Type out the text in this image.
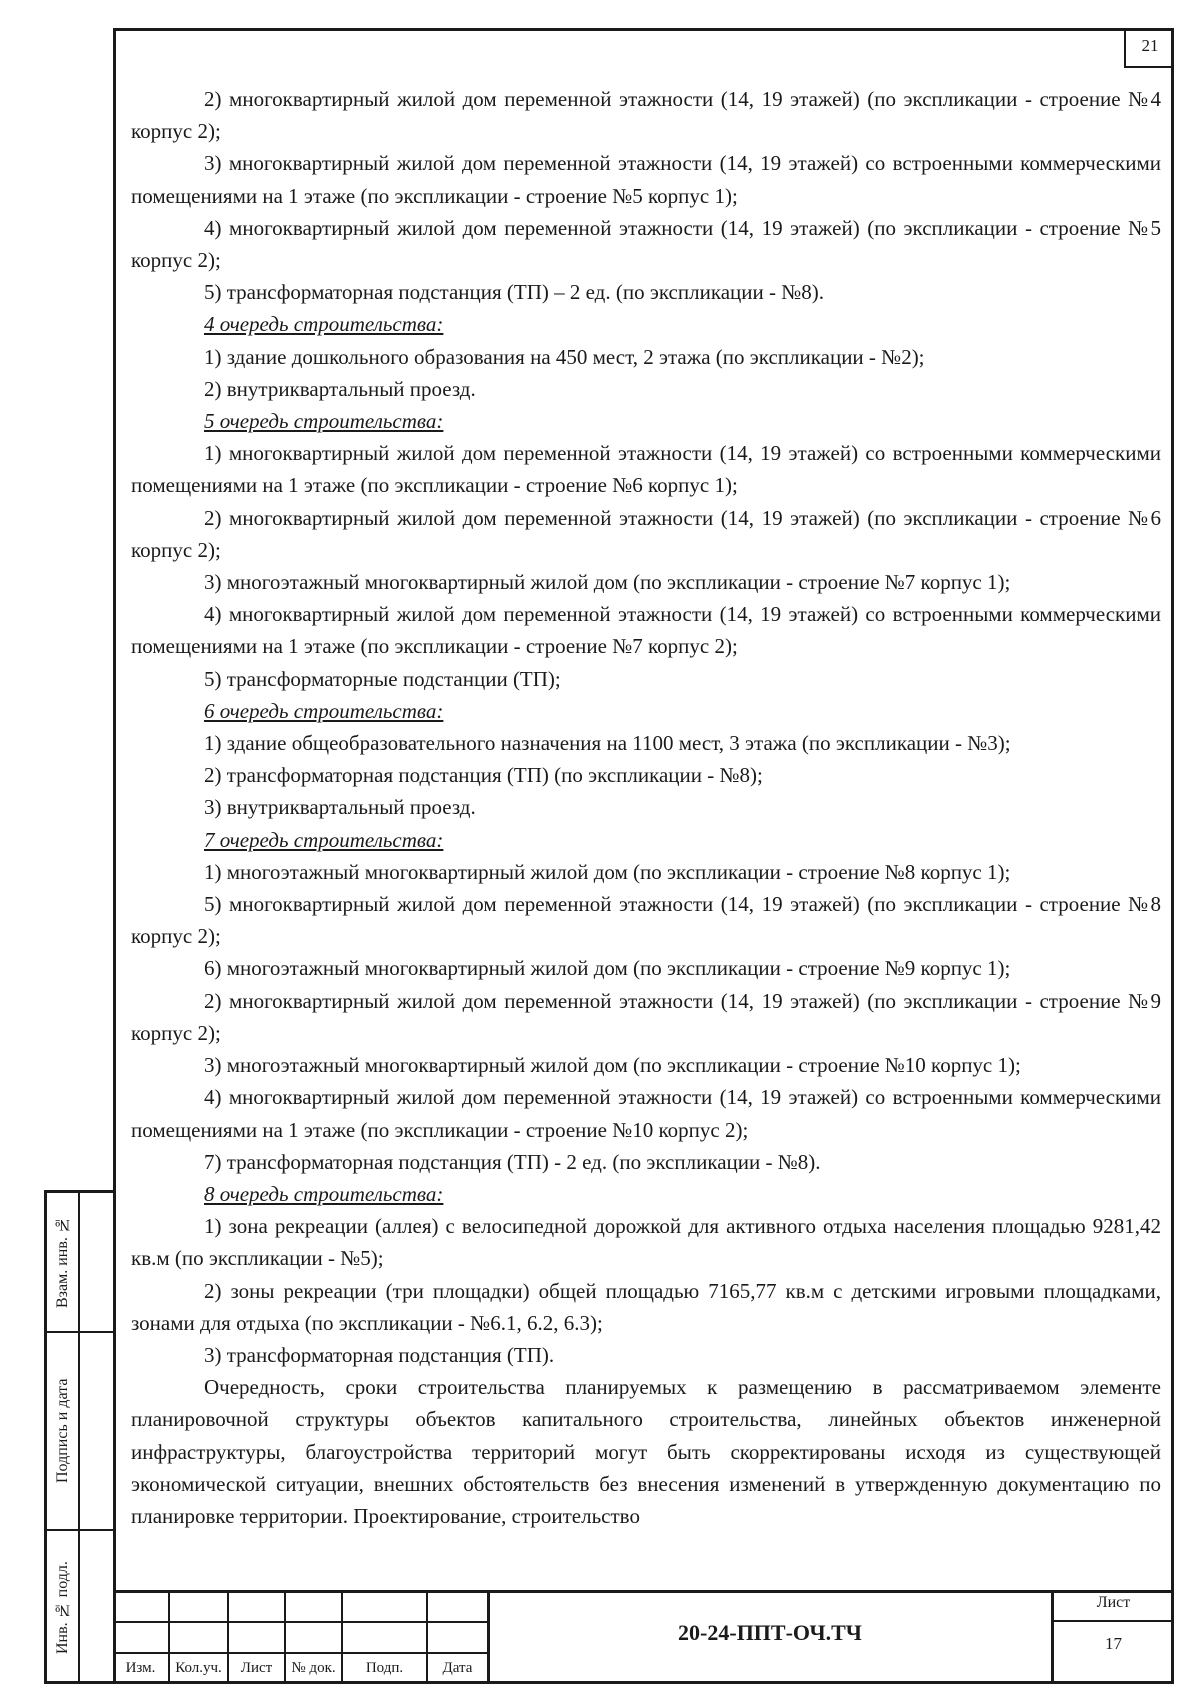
21

2) многоквартирный жилой дом переменной этажности (14, 19 этажей) (по экспликации - строение №4 корпус 2);

3) многоквартирный жилой дом переменной этажности (14, 19 этажей) со встроенными коммерческими помещениями на 1 этаже (по экспликации - строение №5 корпус 1);

4) многоквартирный жилой дом переменной этажности (14, 19 этажей) (по экспликации - строение №5 корпус 2);

5) трансформаторная подстанция (ТП) – 2 ед. (по экспликации - №8).

4 очередь строительства:

1) здание дошкольного образования на 450 мест, 2 этажа (по экспликации - №2);

2) внутриквартальный проезд.

5 очередь строительства:

1) многоквартирный жилой дом переменной этажности (14, 19 этажей) со встроенными коммерческими помещениями на 1 этаже (по экспликации - строение №6 корпус 1);

2) многоквартирный жилой дом переменной этажности (14, 19 этажей) (по экспликации - строение №6 корпус 2);

3) многоэтажный многоквартирный жилой дом (по экспликации - строение №7 корпус 1);

4) многоквартирный жилой дом переменной этажности (14, 19 этажей) со встроенными коммерческими помещениями на 1 этаже (по экспликации - строение №7 корпус 2);

5) трансформаторные подстанции (ТП);

6 очередь строительства:

1) здание общеобразовательного назначения на 1100 мест, 3 этажа (по экспликации - №3);

2) трансформаторная подстанция (ТП) (по экспликации - №8);

3) внутриквартальный проезд.

7 очередь строительства:

1) многоэтажный многоквартирный жилой дом (по экспликации - строение №8 корпус 1);

5) многоквартирный жилой дом переменной этажности (14, 19 этажей) (по экспликации - строение №8 корпус 2);

6) многоэтажный многоквартирный жилой дом (по экспликации - строение №9 корпус 1);

2) многоквартирный жилой дом переменной этажности (14, 19 этажей) (по экспликации - строение №9 корпус 2);

3) многоэтажный многоквартирный жилой дом (по экспликации - строение №10 корпус 1);

4) многоквартирный жилой дом переменной этажности (14, 19 этажей) со встроенными коммерческими помещениями на 1 этаже (по экспликации - строение №10 корпус 2);

7) трансформаторная подстанция (ТП) - 2 ед. (по экспликации - №8).

8 очередь строительства:

1) зона рекреации (аллея) с велосипедной дорожкой для активного отдыха населения площадью 9281,42 кв.м (по экспликации - №5);

2) зоны рекреации (три площадки) общей площадью 7165,77 кв.м с детскими игровыми площадками, зонами для отдыха (по экспликации - №6.1, 6.2, 6.3);

3) трансформаторная подстанция (ТП).

Очередность, сроки строительства планируемых к размещению в рассматриваемом элементе планировочной структуры объектов капитального строительства, линейных объектов инженерной инфраструктуры, благоустройства территорий могут быть скорректированы исходя из существующей экономической ситуации, внешних обстоятельств без внесения изменений в утвержденную документацию по планировке территории. Проектирование, строительство

Взам. инв. №
Подпись и дата
Инв. № подл.
Изм.	Кол.уч.	Лист	№ док.	Подп.	Дата
20-24-ППТ-ОЧ.ТЧ
Лист
17
